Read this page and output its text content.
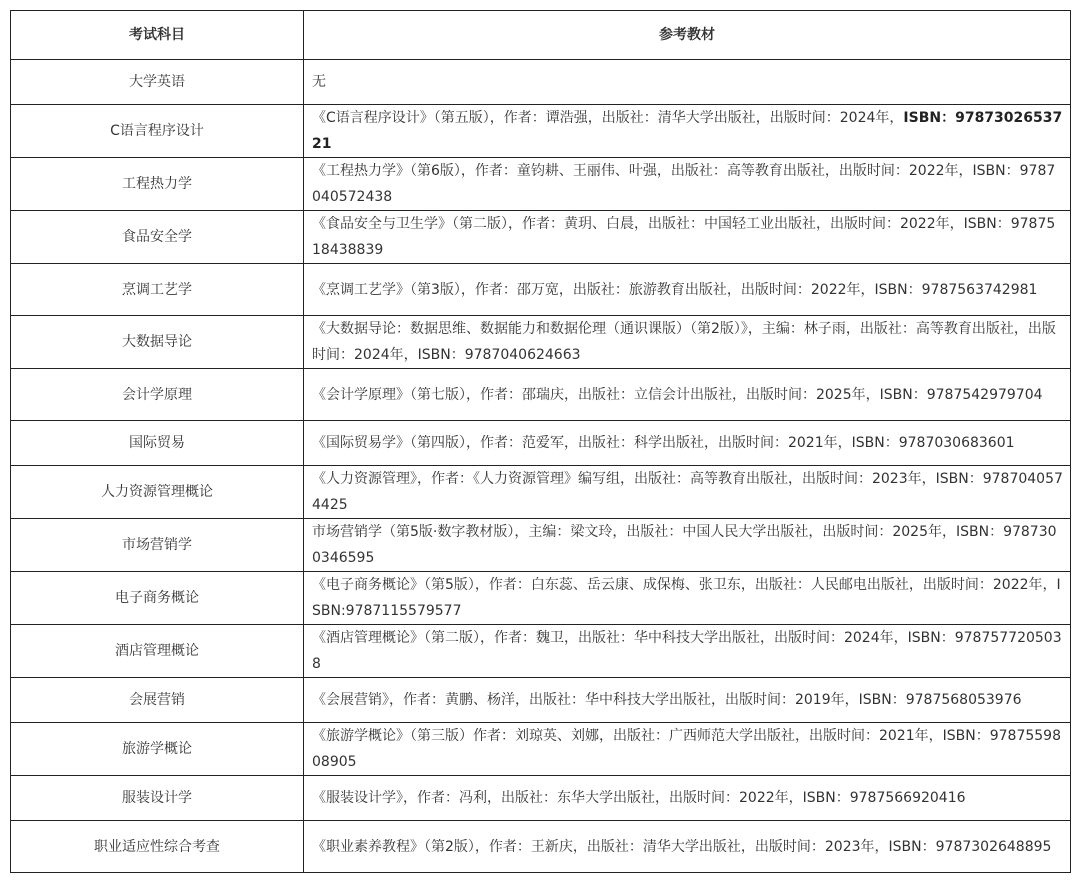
考试科目	参考教材
大学英语	无
C语言程序设计	《C语言程序设计》（第五版），作者：谭浩强，出版社：清华大学出版社，出版时间：2024年，ISBN：9787302653721
工程热力学	《工程热力学》（第6版），作者：童钧耕、王丽伟、叶强，出版社：高等教育出版社，出版时间：2022年，ISBN：9787040572438
食品安全学	《食品安全与卫生学》（第二版），作者：黄玥、白晨，出版社：中国轻工业出版社，出版时间：2022年，ISBN：9787518438839
烹调工艺学	《烹调工艺学》（第3版），作者：邵万宽，出版社：旅游教育出版社，出版时间：2022年，ISBN：9787563742981
大数据导论	《大数据导论：数据思维、数据能力和数据伦理（通识课版）（第2版）》，主编：林子雨，出版社：高等教育出版社，出版时间：2024年，ISBN：9787040624663
会计学原理	《会计学原理》（第七版），作者：邵瑞庆，出版社：立信会计出版社，出版时间：2025年，ISBN：9787542979704
国际贸易	《国际贸易学》（第四版），作者：范爱军，出版社：科学出版社，出版时间：2021年，ISBN：9787030683601
人力资源管理概论	《人力资源管理》，作者：《人力资源管理》编写组，出版社：高等教育出版社，出版时间：2023年，ISBN：9787040574425
市场营销学	市场营销学（第5版·数字教材版），主编：梁文玲，出版社：中国人民大学出版社，出版时间：2025年，ISBN：9787300346595
电子商务概论	《电子商务概论》（第5版），作者：白东蕊、岳云康、成保梅、张卫东，出版社：人民邮电出版社，出版时间：2022年，ISBN:9787115579577
酒店管理概论	《酒店管理概论》（第二版），作者：魏卫，出版社：华中科技大学出版社，出版时间：2024年，ISBN：9787577205038
会展营销	《会展营销》，作者：黄鹏、杨洋，出版社：华中科技大学出版社，出版时间：2019年，ISBN：9787568053976
旅游学概论	《旅游学概论》（第三版）作者：刘琼英、刘娜，出版社：广西师范大学出版社，出版时间：2021年，ISBN：9787559808905
服装设计学	《服装设计学》，作者：冯利，出版社：东华大学出版社，出版时间：2022年，ISBN：9787566920416
职业适应性综合考查	《职业素养教程》（第2版），作者：王新庆，出版社：清华大学出版社，出版时间：2023年，ISBN：9787302648895
